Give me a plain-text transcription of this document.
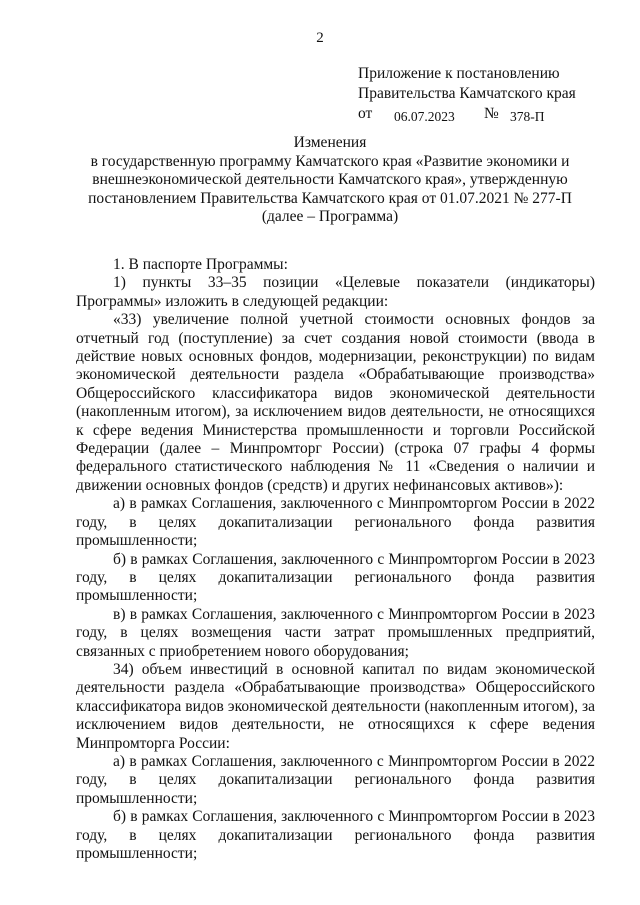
2
Приложение к постановлению
Правительства Камчатского края
от 06.07.2023 № 378-П
Изменения
в государственную программу Камчатского края «Развитие экономики и
внешнеэкономической деятельности Камчатского края», утвержденную
постановлением Правительства Камчатского края от 01.07.2021 № 277-П
(далее – Программа)

1. В паспорте Программы:

1) пункты 33–35 позиции «Целевые показатели (индикаторы) Программы» изложить в следующей редакции:

«33) увеличение полной учетной стоимости основных фондов за отчетный год (поступление) за счет создания новой стоимости (ввода в действие новых основных фондов, модернизации, реконструкции) по видам экономической деятельности раздела «Обрабатывающие производства» Общероссийского классификатора видов экономической деятельности (накопленным итогом), за исключением видов деятельности, не относящихся к сфере ведения Министерства промышленности и торговли Российской Федерации (далее – Минпромторг России) (строка 07 графы 4 формы федерального статистического наблюдения № 11 «Сведения о наличии и движении основных фондов (средств) и других нефинансовых активов»):

а) в рамках Соглашения, заключенного с Минпромторгом России в 2022 году, в целях докапитализации регионального фонда развития промышленности;

б) в рамках Соглашения, заключенного с Минпромторгом России в 2023 году, в целях докапитализации регионального фонда развития промышленности;

в) в рамках Соглашения, заключенного с Минпромторгом России в 2023 году, в целях возмещения части затрат промышленных предприятий, связанных с приобретением нового оборудования;

34) объем инвестиций в основной капитал по видам экономической деятельности раздела «Обрабатывающие производства» Общероссийского классификатора видов экономической деятельности (накопленным итогом), за исключением видов деятельности, не относящихся к сфере ведения Минпромторга России:

а) в рамках Соглашения, заключенного с Минпромторгом России в 2022 году, в целях докапитализации регионального фонда развития промышленности;

б) в рамках Соглашения, заключенного с Минпромторгом России в 2023 году, в целях докапитализации регионального фонда развития промышленности;
